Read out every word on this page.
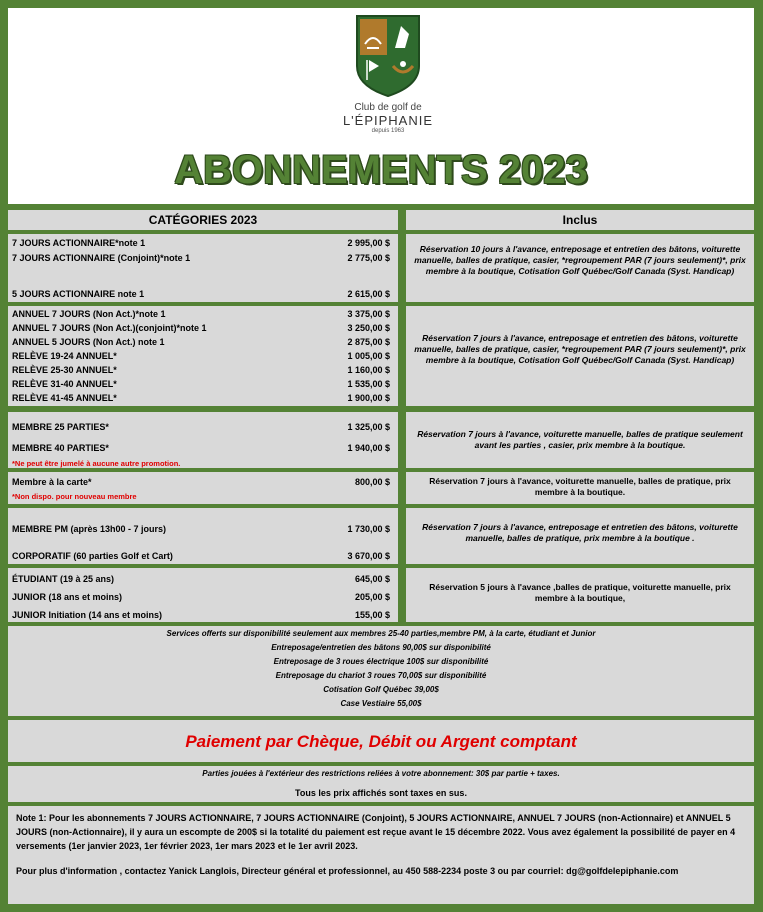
Club de golf de
L'ÉPIPHANIE
depuis 1963
ABONNEMENTS 2023
CATÉGORIES 2023	Inclus
7 JOURS ACTIONNAIRE*note 1	2 995,00 $
7 JOURS ACTIONNAIRE (Conjoint)*note 1	2 775,00 $
5 JOURS ACTIONNAIRE note 1	2 615,00 $
Réservation 10 jours à l'avance, entreposage et entretien des bâtons, voiturette manuelle, balles de pratique, casier, *regroupement PAR (7 jours seulement)*, prix membre à la boutique, Cotisation Golf Québec/Golf Canada (Syst. Handicap)
ANNUEL 7 JOURS (Non Act.)*note 1	3 375,00 $
ANNUEL 7 JOURS (Non Act.)(conjoint)*note 1	3 250,00 $
ANNUEL 5 JOURS (Non Act.) note 1	2 875,00 $
RELÈVE 19-24 ANNUEL*	1 005,00 $
RELÈVE 25-30 ANNUEL*	1 160,00 $
RELÈVE 31-40 ANNUEL*	1 535,00 $
RELÈVE 41-45 ANNUEL*	1 900,00 $
Réservation 7 jours à l'avance, entreposage et entretien des bâtons, voiturette manuelle, balles de pratique, casier, *regroupement PAR (7 jours seulement)*, prix membre à la boutique, Cotisation Golf Québec/Golf Canada (Syst. Handicap)
MEMBRE 25 PARTIES*	1 325,00 $
MEMBRE 40 PARTIES*	1 940,00 $
*Ne peut être jumelé à aucune autre promotion.
Réservation 7 jours à l'avance, voiturette manuelle, balles de pratique seulement avant les parties , casier, prix membre à la boutique.
Membre à la carte*	800,00 $
*Non dispo. pour nouveau membre
Réservation 7 jours à l'avance, voiturette manuelle, balles de pratique, prix membre à la boutique.
MEMBRE PM (après 13h00 - 7 jours)	1 730,00 $
CORPORATIF (60 parties Golf et Cart)	3 670,00 $
Réservation 7 jours à l'avance, entreposage et entretien des bâtons, voiturette manuelle, balles de pratique, prix membre à la boutique .
ÉTUDIANT (19 à 25 ans)	645,00 $
JUNIOR (18 ans et moins)	205,00 $
JUNIOR Initiation (14 ans et moins)	155,00 $
Réservation 5 jours à l'avance ,balles de pratique, voiturette manuelle, prix membre à la boutique,
Services offerts sur disponibilité seulement aux membres 25-40 parties,membre PM, à la carte, étudiant et Junior
Entreposage/entretien des bâtons 90,00$ sur disponibilité
Entreposage de 3 roues électrique 100$ sur disponibilité
Entreposage du chariot 3 roues 70,00$ sur disponibilité
Cotisation Golf Québec 39,00$
Case Vestiaire 55,00$
Paiement par Chèque, Débit ou Argent comptant
Parties jouées à l'extérieur des restrictions reliées à votre abonnement: 30$ par partie + taxes.
Tous les prix affichés sont taxes en sus.
Note 1: Pour les abonnements 7 JOURS ACTIONNAIRE, 7 JOURS ACTIONNAIRE (Conjoint), 5 JOURS ACTIONNAIRE, ANNUEL 7 JOURS (non-Actionnaire) et ANNUEL 5 JOURS (non-Actionnaire), il y aura un escompte de 200$ si la totalité du paiement est reçue avant le 15 décembre 2022. Vous avez également la possibilité de payer en 4 versements (1er janvier 2023, 1er février 2023, 1er mars 2023 et le 1er avril 2023.
Pour plus d'information , contactez Yanick Langlois, Directeur général et professionnel, au 450 588-2234 poste 3 ou par courriel: dg@golfdelepiphanie.com
